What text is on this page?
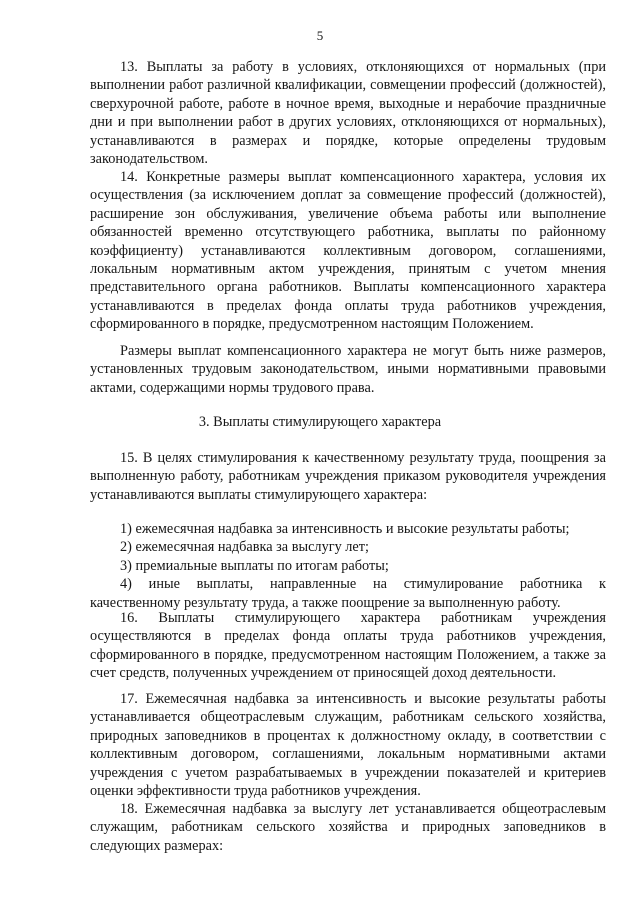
5

13. Выплаты за работу в условиях, отклоняющихся от нормальных (при выполнении работ различной квалификации, совмещении профессий (должностей), сверхурочной работе, работе в ночное время, выходные и нерабочие праздничные дни и при выполнении работ в других условиях, отклоняющихся от нормальных), устанавливаются в размерах и порядке, которые определены трудовым законодательством.

14. Конкретные размеры выплат компенсационного характера, условия их осуществления (за исключением доплат за совмещение профессий (должностей), расширение зон обслуживания, увеличение объема работы или выполнение обязанностей временно отсутствующего работника, выплаты по районному коэффициенту) устанавливаются коллективным договором, соглашениями, локальным нормативным актом учреждения, принятым с учетом мнения представительного органа работников. Выплаты компенсационного характера устанавливаются в пределах фонда оплаты труда работников учреждения, сформированного в порядке, предусмотренном настоящим Положением.

Размеры выплат компенсационного характера не могут быть ниже размеров, установленных трудовым законодательством, иными нормативными правовыми актами, содержащими нормы трудового права.

3. Выплаты стимулирующего характера

15. В целях стимулирования к качественному результату труда, поощрения за выполненную работу, работникам учреждения приказом руководителя учреждения устанавливаются выплаты стимулирующего характера:

1) ежемесячная надбавка за интенсивность и высокие результаты работы;
2) ежемесячная надбавка за выслугу лет;
3) премиальные выплаты по итогам работы;
4) иные выплаты, направленные на стимулирование работника к качественному результату труда, а также поощрение за выполненную работу.

16. Выплаты стимулирующего характера работникам учреждения осуществляются в пределах фонда оплаты труда работников учреждения, сформированного в порядке, предусмотренном настоящим Положением, а также за счет средств, полученных учреждением от приносящей доход деятельности.

17. Ежемесячная надбавка за интенсивность и высокие результаты работы устанавливается общеотраслевым служащим, работникам сельского хозяйства, природных заповедников в процентах к должностному окладу, в соответствии с коллективным договором, соглашениями, локальным нормативными актами учреждения с учетом разрабатываемых в учреждении показателей и критериев оценки эффективности труда работников учреждения.

18. Ежемесячная надбавка за выслугу лет устанавливается общеотраслевым служащим, работникам сельского хозяйства и природных заповедников в следующих размерах:
